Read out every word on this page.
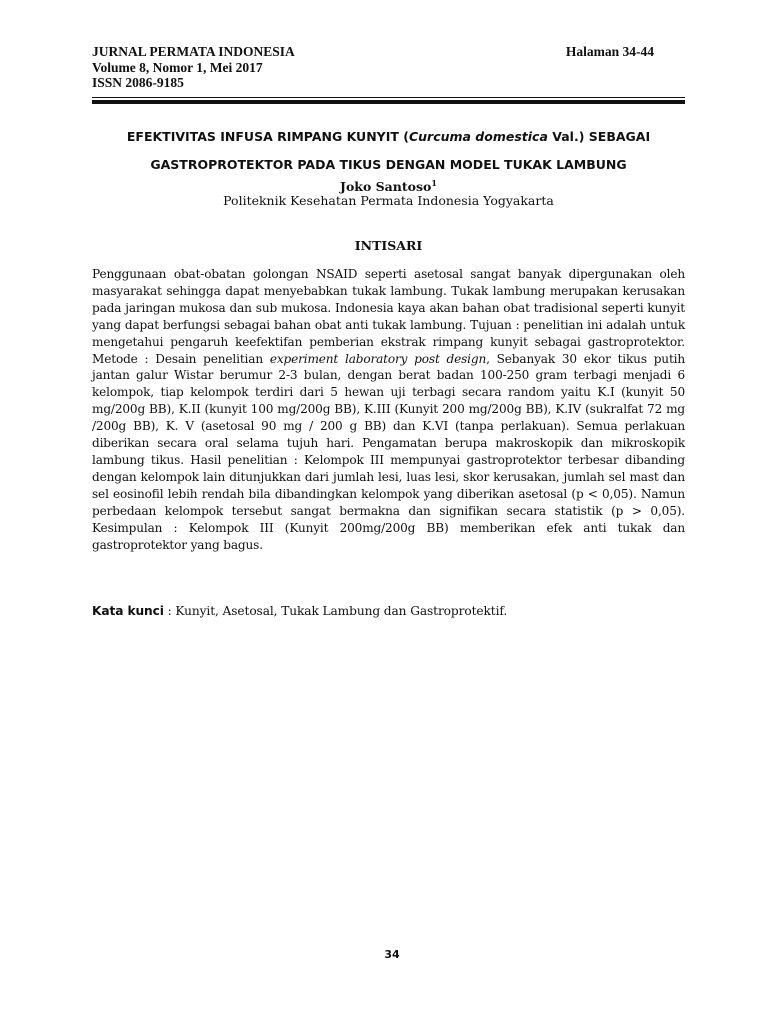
JURNAL PERMATA INDONESIA
Volume 8, Nomor 1, Mei 2017
ISSN 2086-9185
Halaman 34-44
EFEKTIVITAS INFUSA RIMPANG KUNYIT (Curcuma domestica Val.) SEBAGAI
GASTROPROTEKTOR PADA TIKUS DENGAN MODEL TUKAK LAMBUNG
Joko Santoso$^1$
Politeknik Kesehatan Permata Indonesia Yogyakarta
INTISARI
Penggunaan obat-obatan golongan NSAID seperti asetosal sangat banyak dipergunakan oleh masyarakat sehingga dapat menyebabkan tukak lambung. Tukak lambung merupakan kerusakan pada jaringan mukosa dan sub mukosa. Indonesia kaya akan bahan obat tradisional seperti kunyit yang dapat berfungsi sebagai bahan obat anti tukak lambung. Tujuan : penelitian ini adalah untuk mengetahui pengaruh keefektifan pemberian ekstrak rimpang kunyit sebagai gastroprotektor. Metode : Desain penelitian experiment laboratory post design, Sebanyak 30 ekor tikus putih jantan galur Wistar berumur 2-3 bulan, dengan berat badan 100-250 gram terbagi menjadi 6 kelompok, tiap kelompok terdiri dari 5 hewan uji terbagi secara random yaitu K.I (kunyit 50 mg/200g BB), K.II (kunyit 100 mg/200g BB), K.III (Kunyit 200 mg/200g BB), K.IV (sukralfat 72 mg /200g BB), K. V (asetosal 90 mg / 200 g BB) dan K.VI (tanpa perlakuan). Semua perlakuan diberikan secara oral selama tujuh hari. Pengamatan berupa makroskopik dan mikroskopik lambung tikus. Hasil penelitian : Kelompok III mempunyai gastroprotektor terbesar dibanding dengan kelompok lain ditunjukkan dari jumlah lesi, luas lesi, skor kerusakan, jumlah sel mast dan sel eosinofil lebih rendah bila dibandingkan kelompok yang diberikan asetosal (p < 0,05). Namun perbedaan kelompok tersebut sangat bermakna dan signifikan secara statistik (p > 0,05). Kesimpulan : Kelompok III (Kunyit 200mg/200g BB) memberikan efek anti tukak dan gastroprotektor yang bagus.
Kata kunci : Kunyit, Asetosal, Tukak Lambung dan Gastroprotektif.
34
